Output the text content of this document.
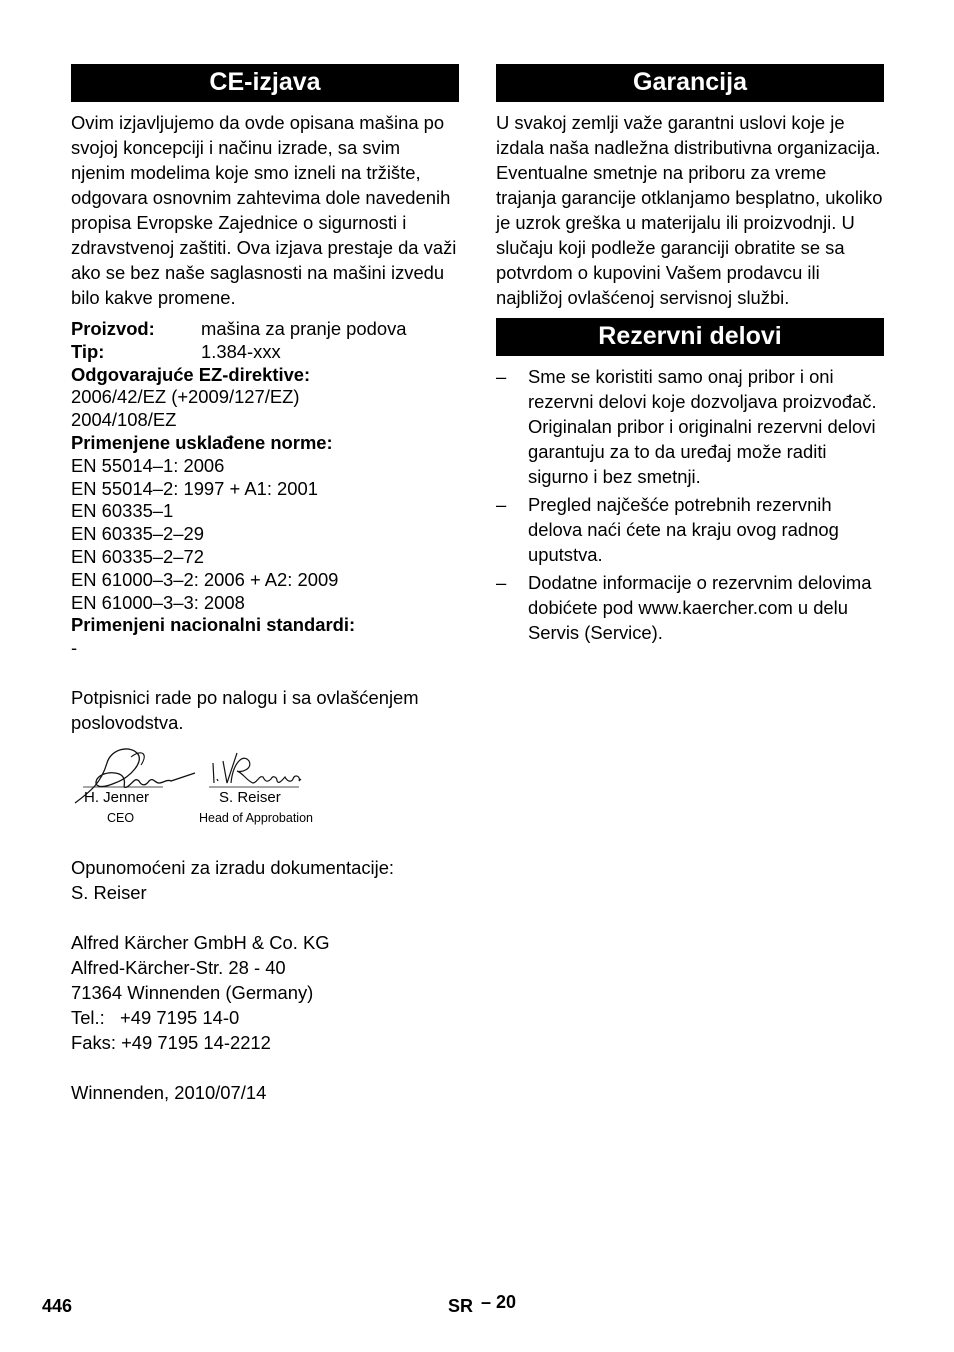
CE-izjava

Ovim izjavljujemo da ovde opisana mašina po svojoj koncepciji i načinu izrade, sa svim njenim modelima koje smo izneli na tržište, odgovara osnovnim zahtevima dole navedenih propisa Evropske Zajednice o sigurnosti i zdravstvenoj zaštiti. Ova izjava prestaje da važi ako se bez naše saglasnosti na mašini izvedu bilo kakve promene.

Proizvod:	mašina za pranje podova
Tip:	1.384-xxx
Odgovarajuće EZ-direktive:
2006/42/EZ (+2009/127/EZ)
2004/108/EZ
Primenjene usklađene norme:
EN 55014–1: 2006
EN 55014–2: 1997 + A1: 2001
EN 60335–1
EN 60335–2–29
EN 60335–2–72
EN 61000–3–2: 2006 + A2: 2009
EN 61000–3–3: 2008
Primenjeni nacionalni standardi:
-

Potpisnici rade po nalogu i sa ovlašćenjem poslovodstva.

H. Jenner
CEO
S. Reiser
Head of Approbation

Opunomoćeni za izradu dokumentacije:

S. Reiser

Alfred Kärcher GmbH & Co. KG

Alfred-Kärcher-Str. 28 - 40

71364 Winnenden (Germany)

Tel.:   +49 7195 14-0

Faks: +49 7195 14-2212

Winnenden, 2010/07/14

Garancija

U svakoj zemlji važe garantni uslovi koje je izdala naša nadležna distributivna organizacija. Eventualne smetnje na priboru za vreme trajanja garancije otklanjamo besplatno, ukoliko je uzrok greška u materijalu ili proizvodnji. U slučaju koji podleže garanciji obratite se sa potvrdom o kupovini Vašem prodavcu ili najbližoj ovlašćenoj servisnoj službi.

Rezervni delovi
– Sme se koristiti samo onaj pribor i oni rezervni delovi koje dozvoljava proizvođač. Originalan pribor i originalni rezervni delovi garantuju za to da uređaj može raditi sigurno i bez smetnji.
– Pregled najčešće potrebnih rezervnih delova naći ćete na kraju ovog radnog uputstva.
– Dodatne informacije o rezervnim delovima dobićete pod www.kaercher.com u delu Servis (Service).
446	SR – 20
